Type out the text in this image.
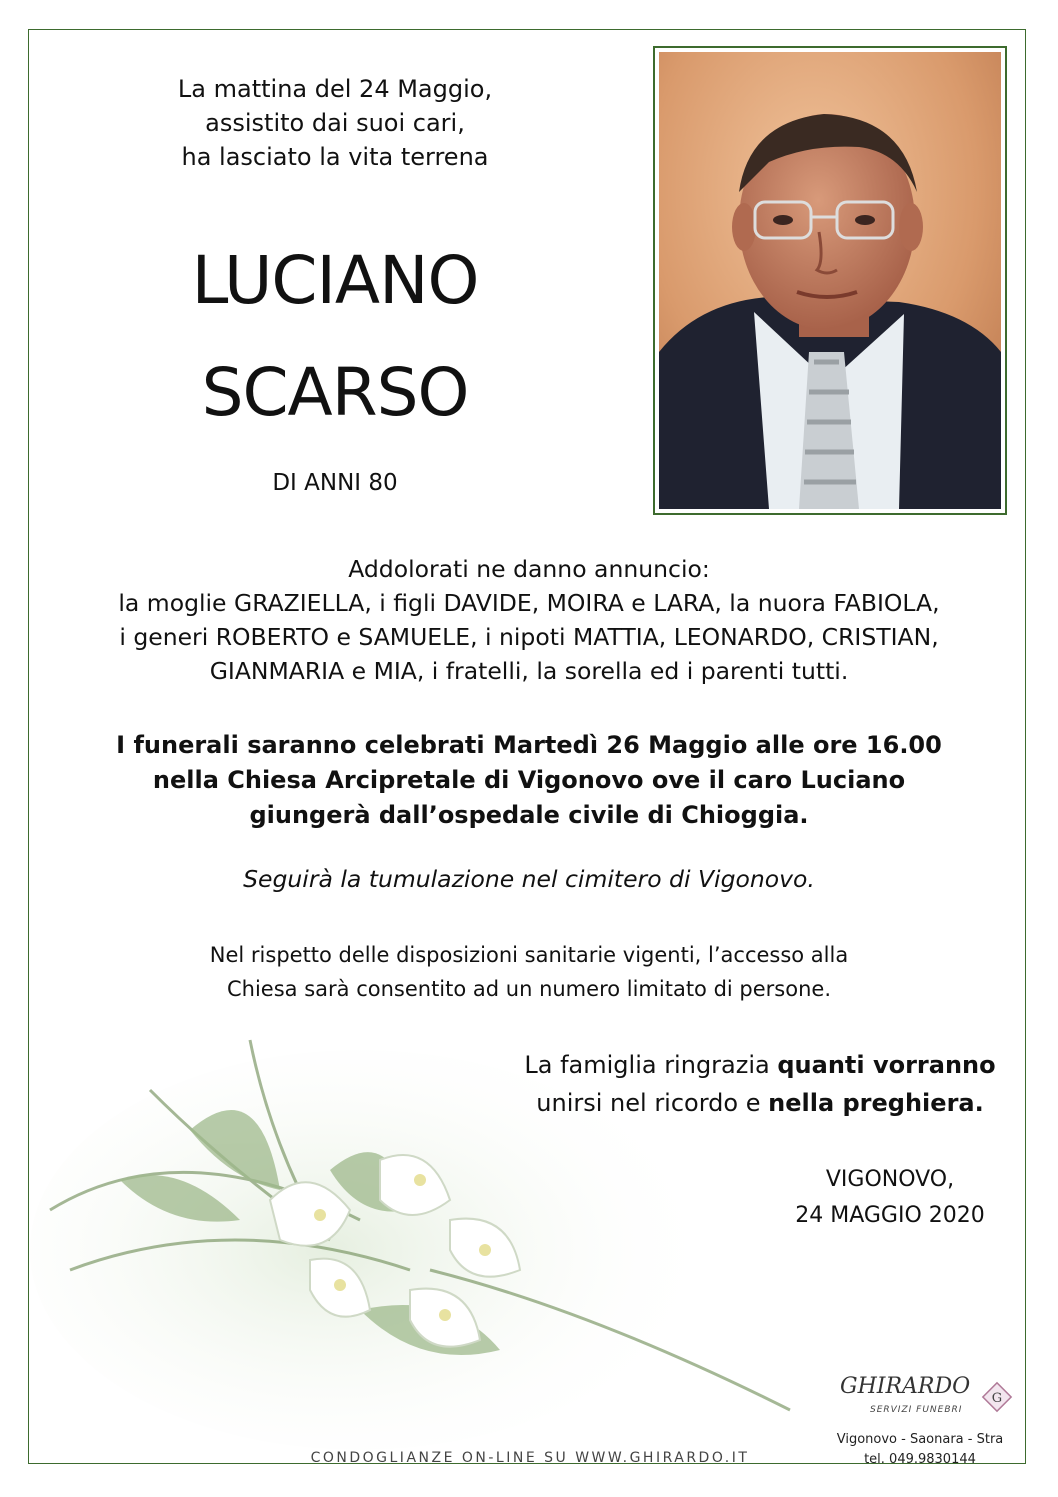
La mattina del 24 Maggio,
assistito dai suoi cari,
ha lasciato la vita terrena
LUCIANO
SCARSO
DI ANNI 80
Addolorati ne danno annuncio:
la moglie GRAZIELLA, i figli DAVIDE, MOIRA e LARA, la nuora FABIOLA,
i generi ROBERTO e SAMUELE, i nipoti MATTIA, LEONARDO, CRISTIAN,
GIANMARIA e MIA, i fratelli, la sorella ed i parenti tutti.
I funerali saranno celebrati Martedì 26 Maggio alle ore 16.00
nella Chiesa Arcipretale di Vigonovo ove il caro Luciano
giungerà dall’ospedale civile di Chioggia.
Seguirà la tumulazione nel cimitero di Vigonovo.
Nel rispetto delle disposizioni sanitarie vigenti, l’accesso alla
Chiesa sarà consentito ad un numero limitato di persone.
La famiglia ringrazia quanti vorranno
unirsi nel ricordo e nella preghiera.
VIGONOVO,
24 MAGGIO 2020
GHIRARDO
SERVIZI FUNEBRI
G
Vigonovo - Saonara - Stra
tel. 049.9830144
CONDOGLIANZE ON-LINE SU WWW.GHIRARDO.IT
